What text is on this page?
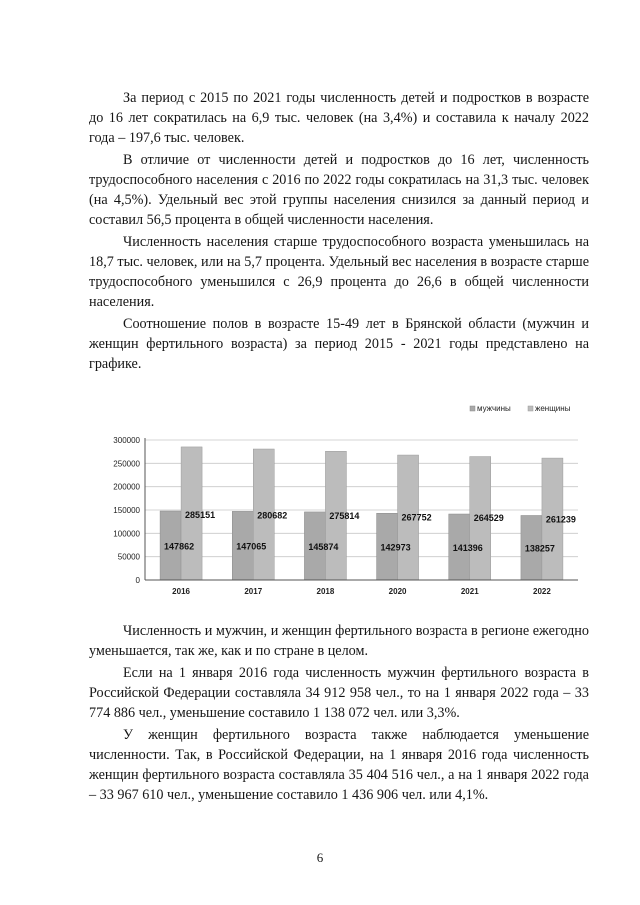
За период с 2015 по 2021 годы численность детей и подростков в возрасте до 16 лет сократилась на 6,9 тыс. человек (на 3,4%) и составила к началу 2022 года – 197,6 тыс. человек.

В отличие от численности детей и подростков до 16 лет, численность трудоспособного населения с 2016 по 2022 годы сократилась на 31,3 тыс. человек (на 4,5%). Удельный вес этой группы населения снизился за данный период и составил 56,5 процента в общей численности населения.

Численность населения старше трудоспособного возраста уменьшилась на 18,7 тыс. человек, или на 5,7 процента. Удельный вес населения в возрасте старше трудоспособного уменьшился с 26,9 процента до 26,6 в общей численности населения.

Соотношение полов в возрасте 15-49 лет в Брянской области (мужчин и женщин фертильного возраста) за период 2015 - 2021 годы представлено на графике.

мужчины	женщины
147862
285151
147065
280682
145874
275814
142973
267752
141396
264529
138257
261239
0
50000
100000
150000
200000
250000
300000
2016	2017	2018	2020	2021	2022

Численность и мужчин, и женщин фертильного возраста в регионе ежегодно уменьшается, так же, как и по стране в целом.

Если на 1 января 2016 года численность мужчин фертильного возраста в Российской Федерации составляла 34 912 958 чел., то на 1 января 2022 года – 33 774 886 чел., уменьшение составило 1 138 072 чел. или 3,3%.

У женщин фертильного возраста также наблюдается уменьшение численности. Так, в Российской Федерации, на 1 января 2016 года численность женщин фертильного возраста составляла 35 404 516 чел., а на 1 января 2022 года – 33 967 610 чел., уменьшение составило 1 436 906 чел. или 4,1%.

6
